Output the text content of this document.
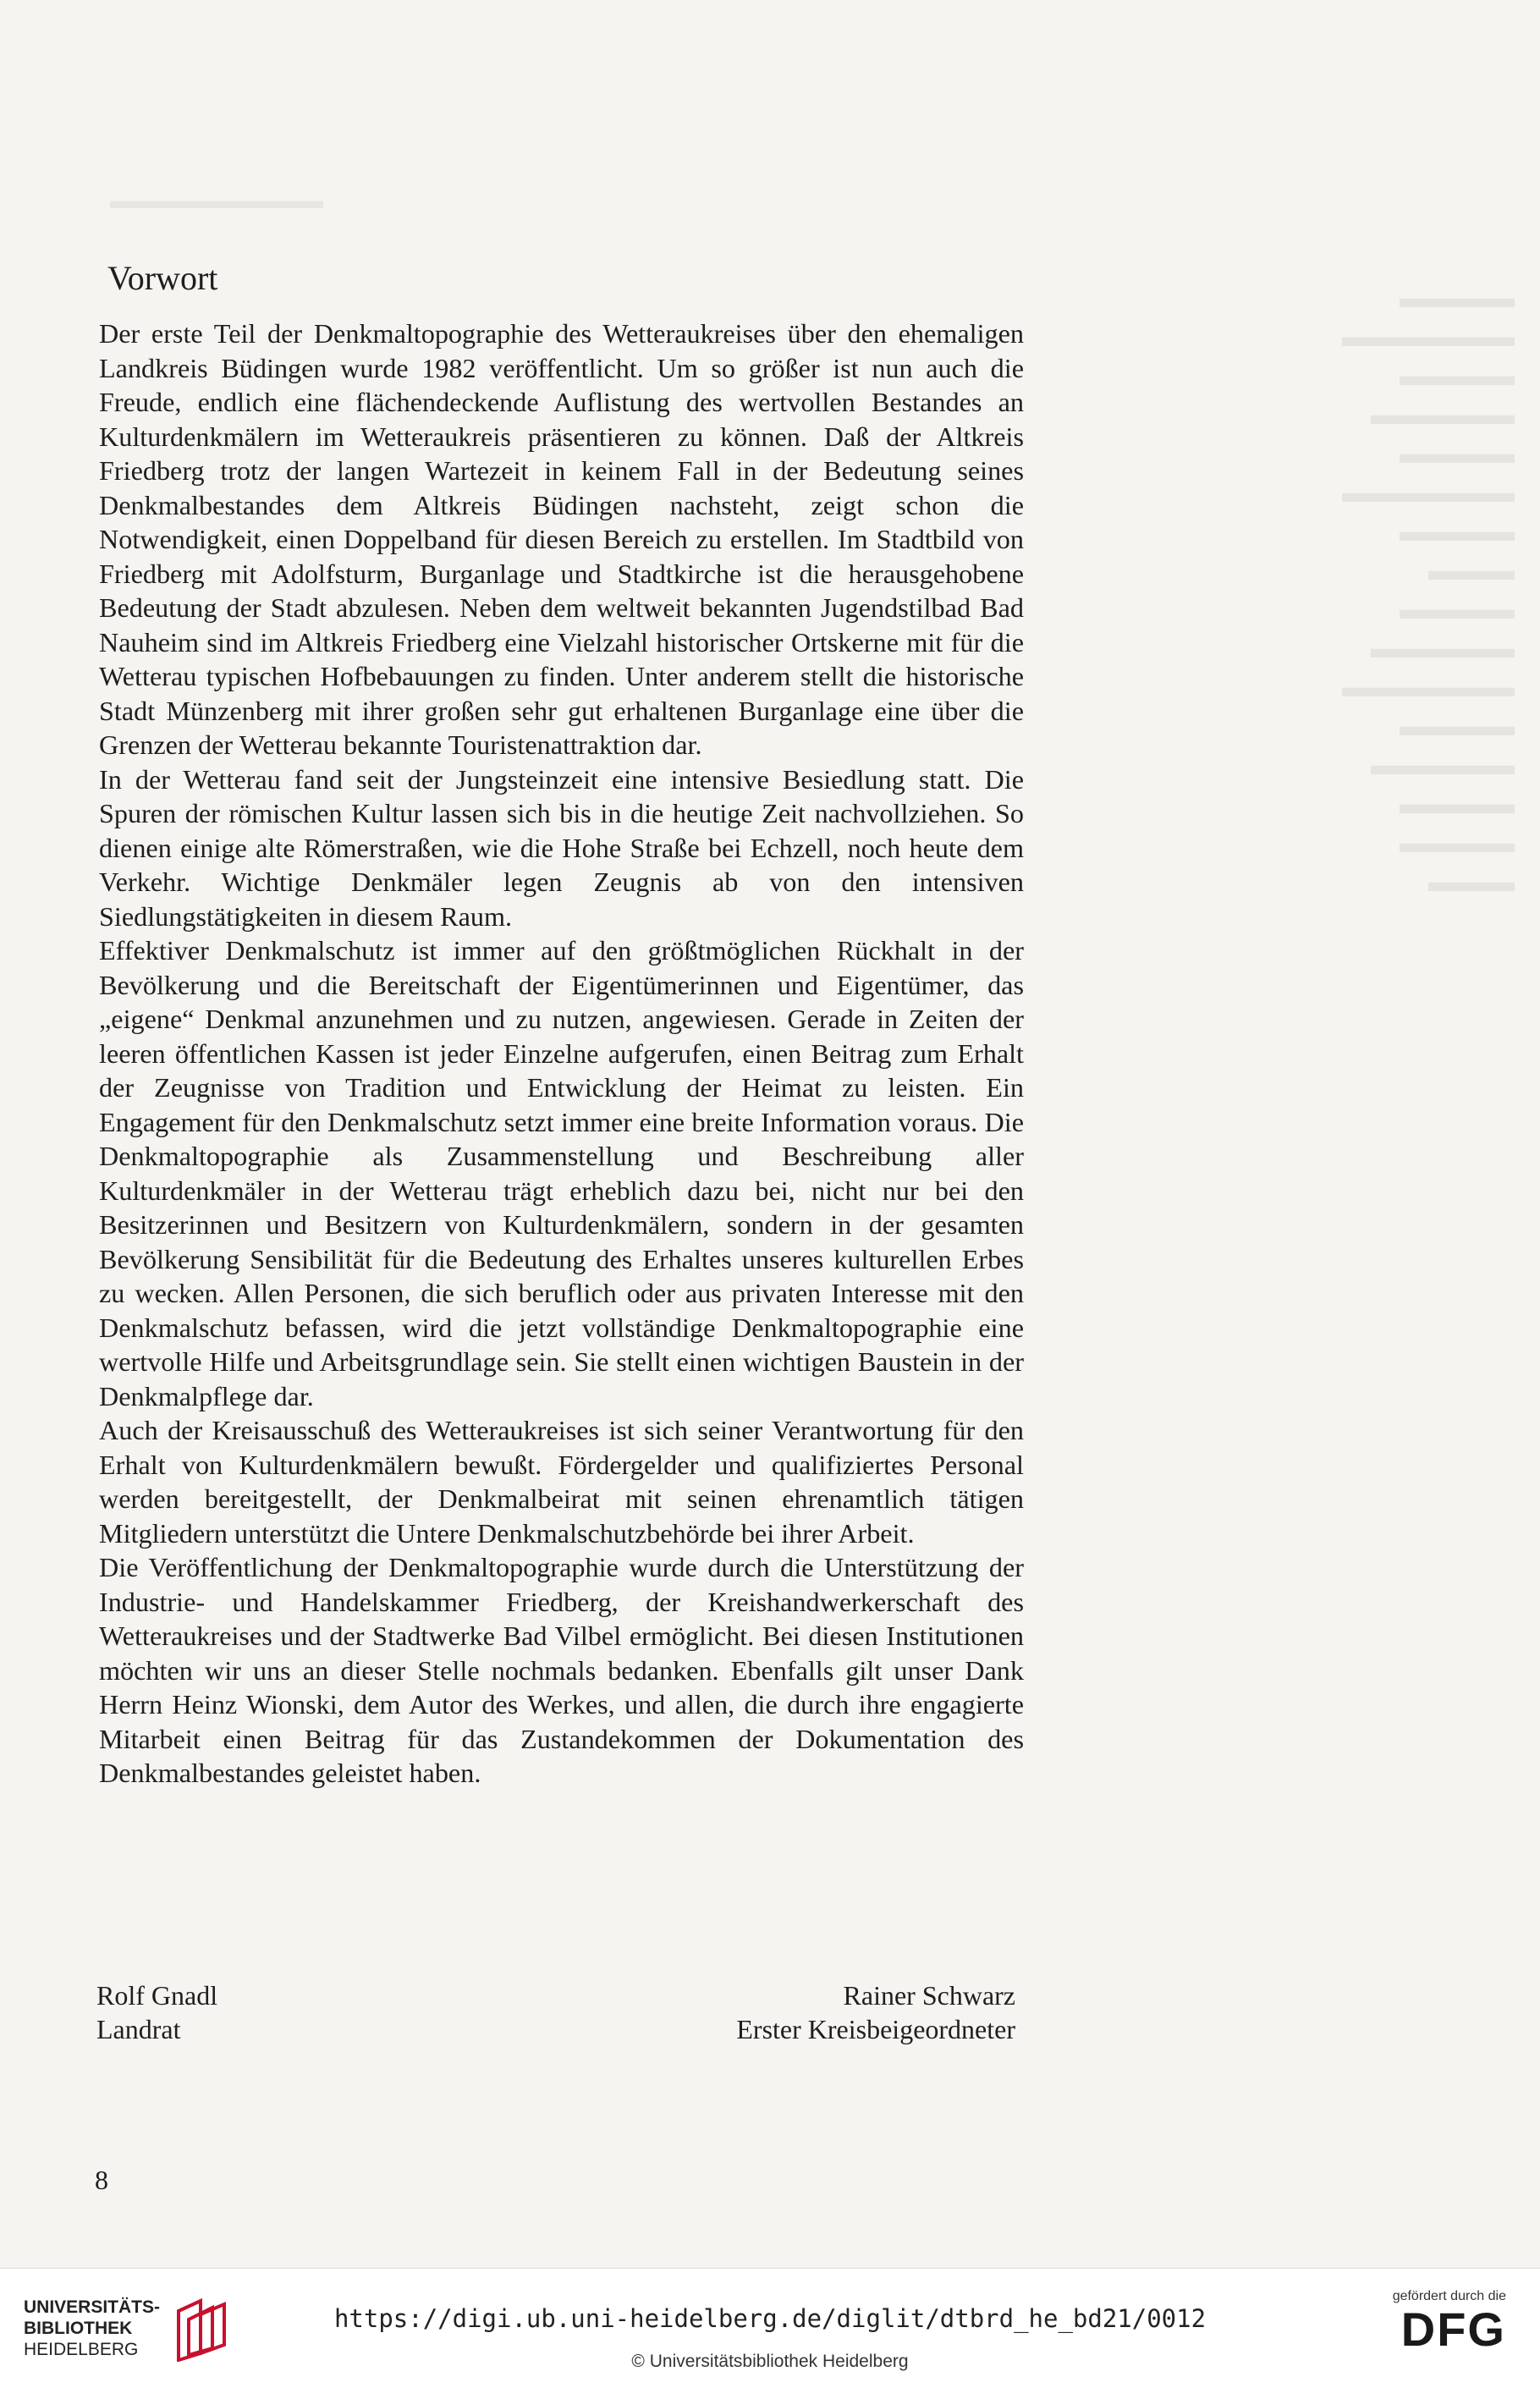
▬▬▬▬▬▬▬▬▬
▬▬▬▬
▬▬▬▬▬▬
▬▬▬▬
▬▬▬▬▬
▬▬▬▬
▬▬▬▬▬▬
▬▬▬▬
▬▬▬
▬▬▬▬
▬▬▬▬▬
▬▬▬▬▬▬
▬▬▬▬
▬▬▬▬▬
▬▬▬▬
▬▬▬▬
▬▬▬
Vorwort

Der erste Teil der Denkmaltopographie des Wetteraukreises über den ehemaligen Landkreis Büdingen wurde 1982 veröffentlicht. Um so größer ist nun auch die Freude, endlich eine flächendeckende Auflistung des wertvollen Bestandes an Kulturdenkmälern im Wetteraukreis präsentieren zu können. Daß der Altkreis Friedberg trotz der langen Wartezeit in keinem Fall in der Bedeutung seines Denkmalbestandes dem Altkreis Büdingen nachsteht, zeigt schon die Notwendigkeit, einen Doppelband für diesen Bereich zu erstellen. Im Stadtbild von Friedberg mit Adolfsturm, Burganlage und Stadtkirche ist die herausgehobene Bedeutung der Stadt abzulesen. Neben dem weltweit bekannten Jugendstilbad Bad Nauheim sind im Altkreis Friedberg eine Vielzahl historischer Ortskerne mit für die Wetterau typischen Hofbebauungen zu finden. Unter anderem stellt die historische Stadt Münzenberg mit ihrer großen sehr gut erhaltenen Burganlage eine über die Grenzen der Wetterau bekannte Touristenattraktion dar.

In der Wetterau fand seit der Jungsteinzeit eine intensive Besiedlung statt. Die Spuren der römischen Kultur lassen sich bis in die heutige Zeit nachvollziehen. So dienen einige alte Römerstraßen, wie die Hohe Straße bei Echzell, noch heute dem Verkehr. Wichtige Denkmäler legen Zeugnis ab von den intensiven Siedlungstätigkeiten in diesem Raum.

Effektiver Denkmalschutz ist immer auf den größtmöglichen Rückhalt in der Bevölkerung und die Bereitschaft der Eigentümerinnen und Eigentümer, das „eigene“ Denkmal anzunehmen und zu nutzen, angewiesen. Gerade in Zeiten der leeren öffentlichen Kassen ist jeder Einzelne aufgerufen, einen Beitrag zum Erhalt der Zeugnisse von Tradition und Entwicklung der Heimat zu leisten. Ein Engagement für den Denkmalschutz setzt immer eine breite Information voraus. Die Denkmaltopographie als Zusammenstellung und Beschreibung aller Kulturdenkmäler in der Wetterau trägt erheblich dazu bei, nicht nur bei den Besitzerinnen und Besitzern von Kulturdenkmälern, sondern in der gesamten Bevölkerung Sensibilität für die Bedeutung des Erhaltes unseres kulturellen Erbes zu wecken. Allen Personen, die sich beruflich oder aus privaten Interesse mit den Denkmalschutz befassen, wird die jetzt vollständige Denkmaltopographie eine wertvolle Hilfe und Arbeitsgrundlage sein. Sie stellt einen wichtigen Baustein in der Denkmalpflege dar.

Auch der Kreisausschuß des Wetteraukreises ist sich seiner Verantwortung für den Erhalt von Kulturdenkmälern bewußt. Fördergelder und qualifiziertes Personal werden bereitgestellt, der Denkmalbeirat mit seinen ehrenamtlich tätigen Mitgliedern unterstützt die Untere Denkmalschutzbehörde bei ihrer Arbeit.

Die Veröffentlichung der Denkmaltopographie wurde durch die Unterstützung der Industrie- und Handelskammer Friedberg, der Kreishandwerkerschaft des Wetteraukreises und der Stadtwerke Bad Vilbel ermöglicht. Bei diesen Institutionen möchten wir uns an dieser Stelle nochmals bedanken. Ebenfalls gilt unser Dank Herrn Heinz Wionski, dem Autor des Werkes, und allen, die durch ihre engagierte Mitarbeit einen Beitrag für das Zustandekommen der Dokumentation des Denkmalbestandes geleistet haben.

Rolf Gnadl
Landrat
Rainer Schwarz
Erster Kreisbeigeordneter
8
UNIVERSITÄTS-
BIBLIOTHEK
HEIDELBERG
https://digi.ub.uni-heidelberg.de/diglit/dtbrd_he_bd21/0012
© Universitätsbibliothek Heidelberg
gefördert durch die
DFG
